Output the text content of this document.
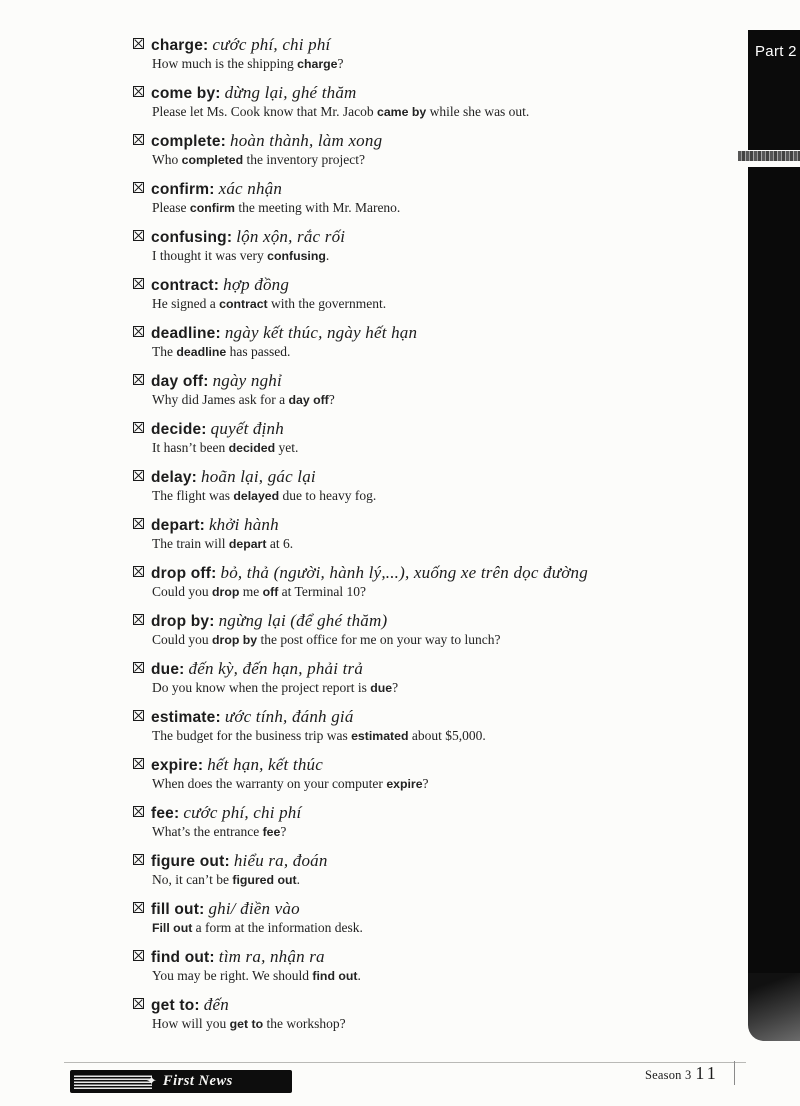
charge: cước phí, chi phí
How much is the shipping charge?
come by: dừng lại, ghé thăm
Please let Ms. Cook know that Mr. Jacob came by while she was out.
complete: hoàn thành, làm xong
Who completed the inventory project?
confirm: xác nhận
Please confirm the meeting with Mr. Mareno.
confusing: lộn xộn, rắc rối
I thought it was very confusing.
contract: hợp đồng
He signed a contract with the government.
deadline: ngày kết thúc, ngày hết hạn
The deadline has passed.
day off: ngày nghỉ
Why did James ask for a day off?
decide: quyết định
It hasn’t been decided yet.
delay: hoãn lại, gác lại
The flight was delayed due to heavy fog.
depart: khởi hành
The train will depart at 6.
drop off: bỏ, thả (người, hành lý,...), xuống xe trên dọc đường
Could you drop me off at Terminal 10?
drop by: ngừng lại (để ghé thăm)
Could you drop by the post office for me on your way to lunch?
due: đến kỳ, đến hạn, phải trả
Do you know when the project report is due?
estimate: ước tính, đánh giá
The budget for the business trip was estimated about $5,000.
expire: hết hạn, kết thúc
When does the warranty on your computer expire?
fee: cước phí, chi phí
What’s the entrance fee?
figure out: hiểu ra, đoán
No, it can’t be figured out.
fill out: ghi/ điền vào
Fill out a form at the information desk.
find out: tìm ra, nhận ra
You may be right. We should find out.
get to: đến
How will you get to the workshop?
Part 2
✦ First News	Season 3 11
